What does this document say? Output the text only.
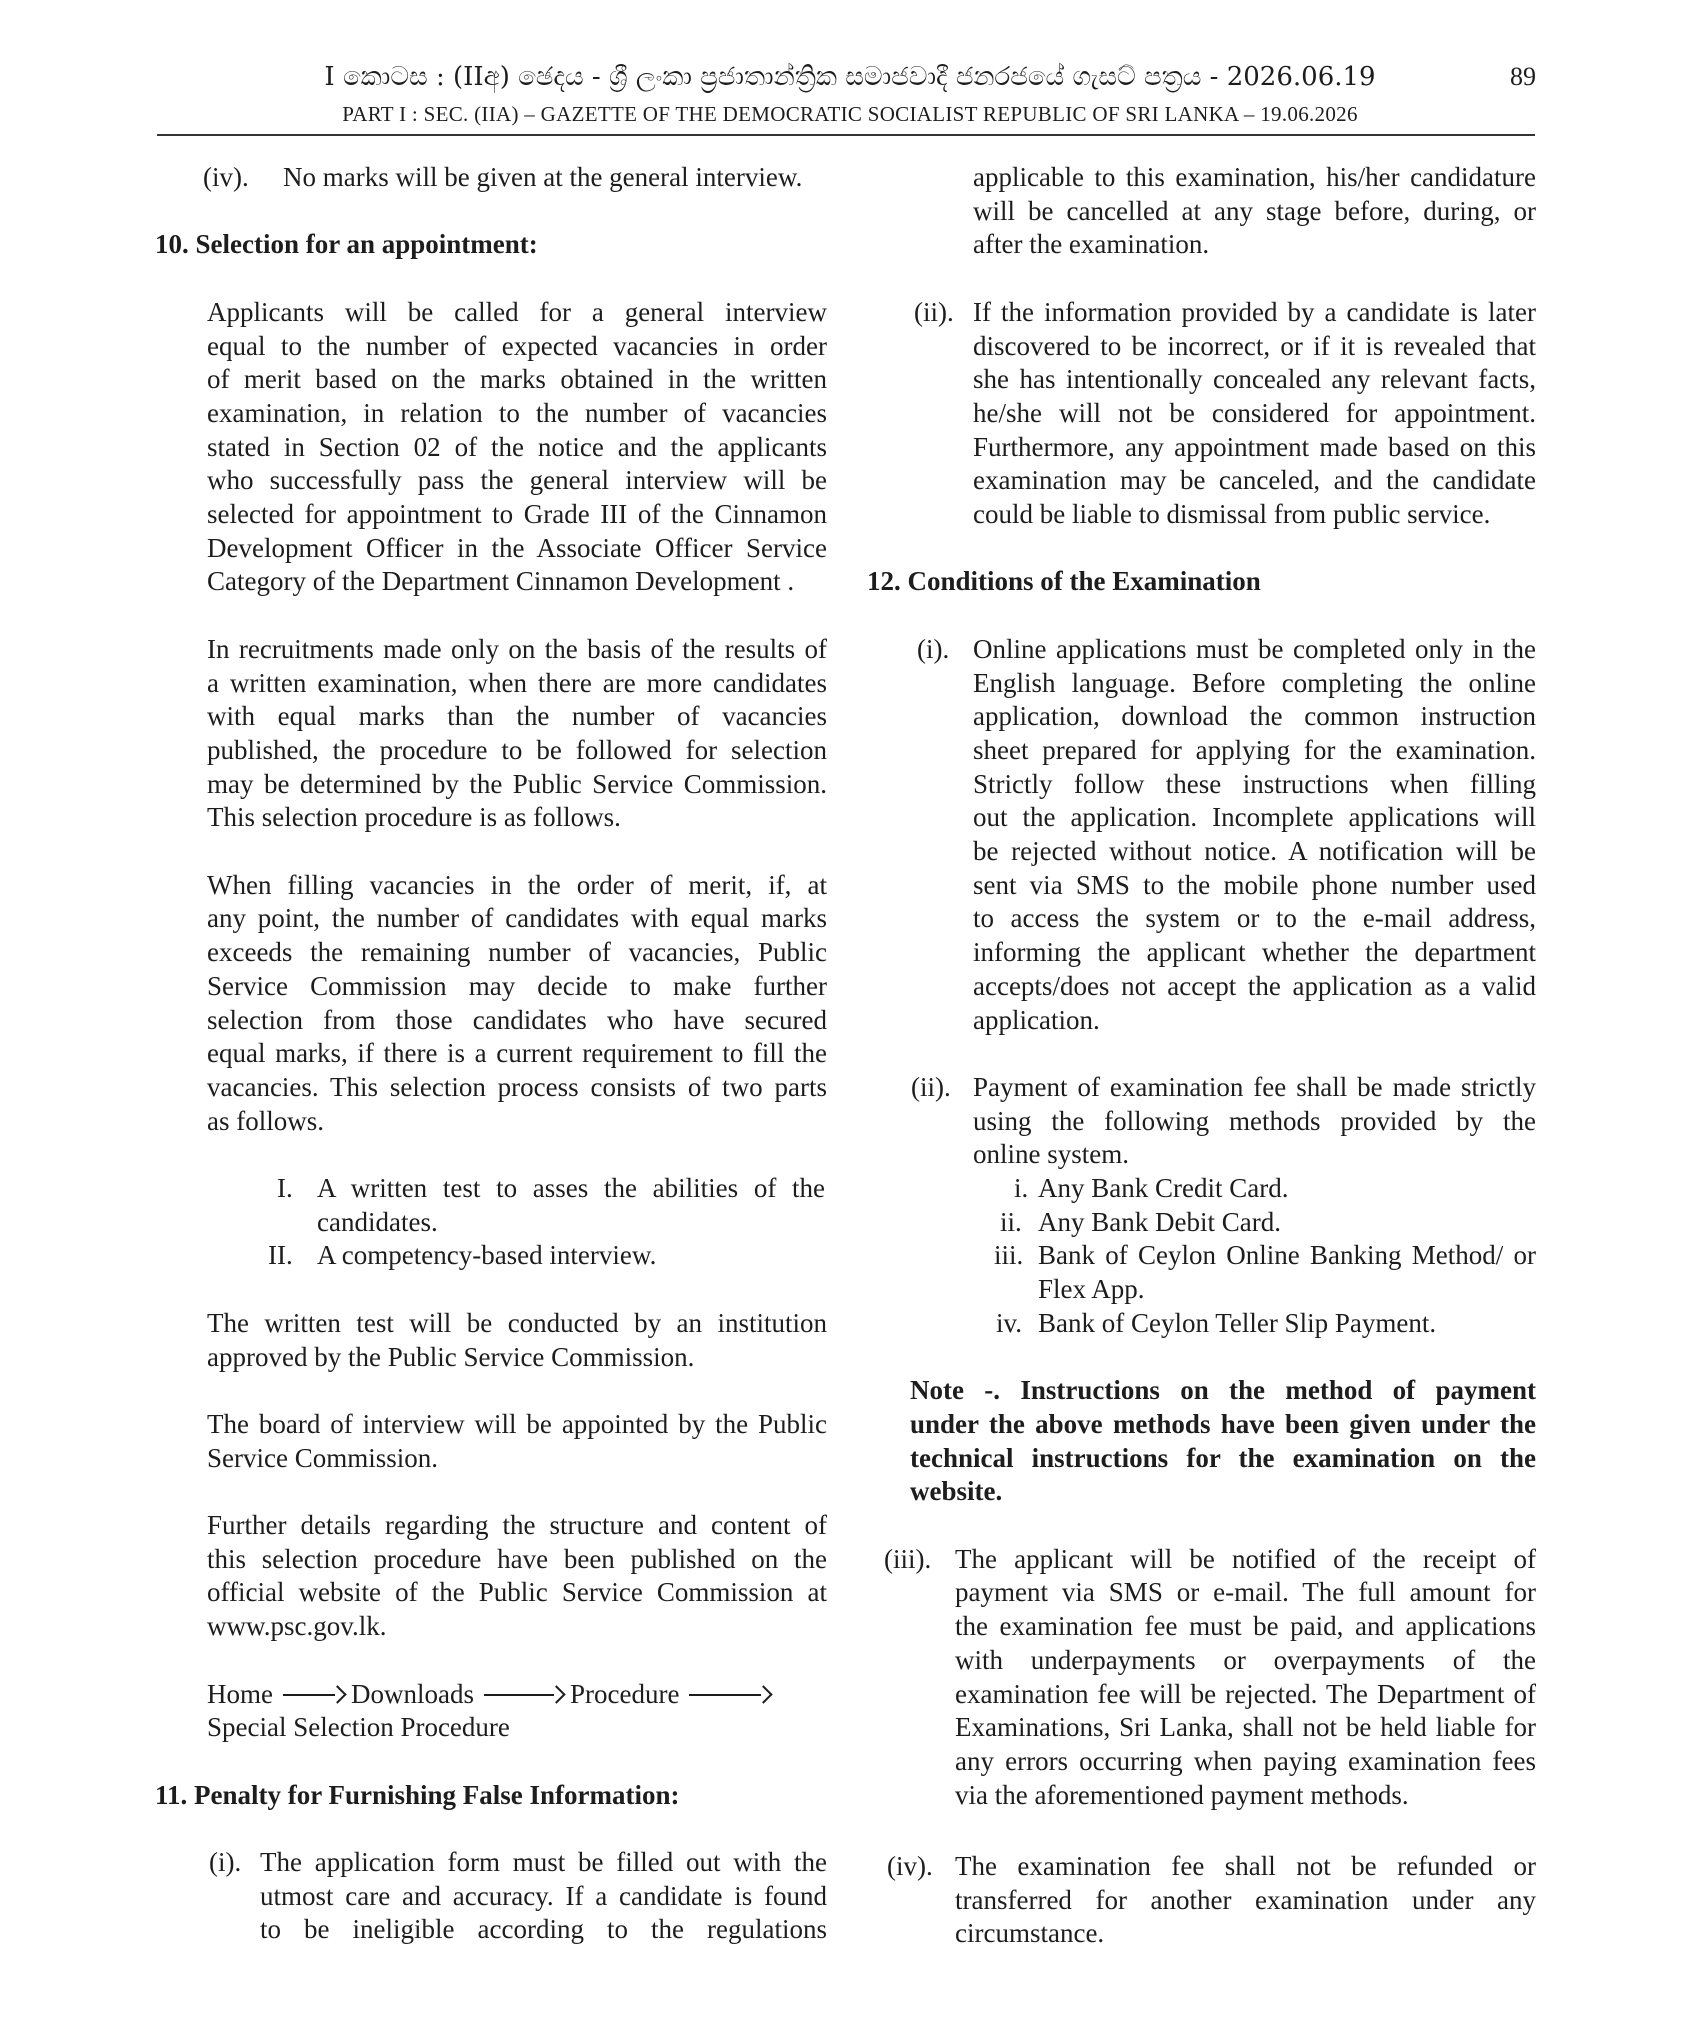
I කොටස : (IIඅ) ඡෙදය - ශ්‍රී ලංකා ප්‍රජාතාන්ත්‍රික සමාජවාදී ජනරජයේ ගැසට් පත්‍රය - 2026.06.19	89
PART I : SEC. (IIA) – GAZETTE OF THE DEMOCRATIC SOCIALIST REPUBLIC OF SRI LANKA – 19.06.2026
(iv). No marks will be given at the general interview.
10. Selection for an appointment:
Applicants will be called for a general interview
equal to the number of expected vacancies in order
of merit based on the marks obtained in the written
examination, in relation to the number of vacancies
stated in Section 02 of the notice and the applicants
who successfully pass the general interview will be
selected for appointment to Grade III of the Cinnamon
Development Officer in the Associate Officer Service
Category of the Department Cinnamon Development .
In recruitments made only on the basis of the results of
a written examination, when there are more candidates
with equal marks than the number of vacancies
published, the procedure to be followed for selection
may be determined by the Public Service Commission.
This selection procedure is as follows.
When filling vacancies in the order of merit, if, at
any point, the number of candidates with equal marks
exceeds the remaining number of vacancies, Public
Service Commission may decide to make further
selection from those candidates who have secured
equal marks, if there is a current requirement to fill the
vacancies. This selection process consists of two parts
as follows.
I. A written test to asses the abilities of the
candidates.
II. A competency-based interview.
The written test will be conducted by an institution
approved by the Public Service Commission.
The board of interview will be appointed by the Public
Service Commission.
Further details regarding the structure and content of
this selection procedure have been published on the
official website of the Public Service Commission at
www.psc.gov.lk.
Home	Downloads	Procedure
Special Selection Procedure
11. Penalty for Furnishing False Information:
(i). The application form must be filled out with the
utmost care and accuracy. If a candidate is found
to be ineligible according to the regulations
applicable to this examination, his/her candidature
will be cancelled at any stage before, during, or
after the examination.
(ii). If the information provided by a candidate is later
discovered to be incorrect, or if it is revealed that
she has intentionally concealed any relevant facts,
he/she will not be considered for appointment.
Furthermore, any appointment made based on this
examination may be canceled, and the candidate
could be liable to dismissal from public service.
12. Conditions of the Examination
(i). Online applications must be completed only in the
English language. Before completing the online
application, download the common instruction
sheet prepared for applying for the examination.
Strictly follow these instructions when filling
out the application. Incomplete applications will
be rejected without notice. A notification will be
sent via SMS to the mobile phone number used
to access the system or to the e-mail address,
informing the applicant whether the department
accepts/does not accept the application as a valid
application.
(ii). Payment of examination fee shall be made strictly
using the following methods provided by the
online system.
i. Any Bank Credit Card.
ii. Any Bank Debit Card.
iii. Bank of Ceylon Online Banking Method/ or
Flex App.
iv. Bank of Ceylon Teller Slip Payment.
Note -. Instructions on the method of payment
under the above methods have been given under the
technical instructions for the examination on the
website.
(iii). The applicant will be notified of the receipt of
payment via SMS or e-mail. The full amount for
the examination fee must be paid, and applications
with underpayments or overpayments of the
examination fee will be rejected. The Department of
Examinations, Sri Lanka, shall not be held liable for
any errors occurring when paying examination fees
via the aforementioned payment methods.
(iv). The examination fee shall not be refunded or
transferred for another examination under any
circumstance.
